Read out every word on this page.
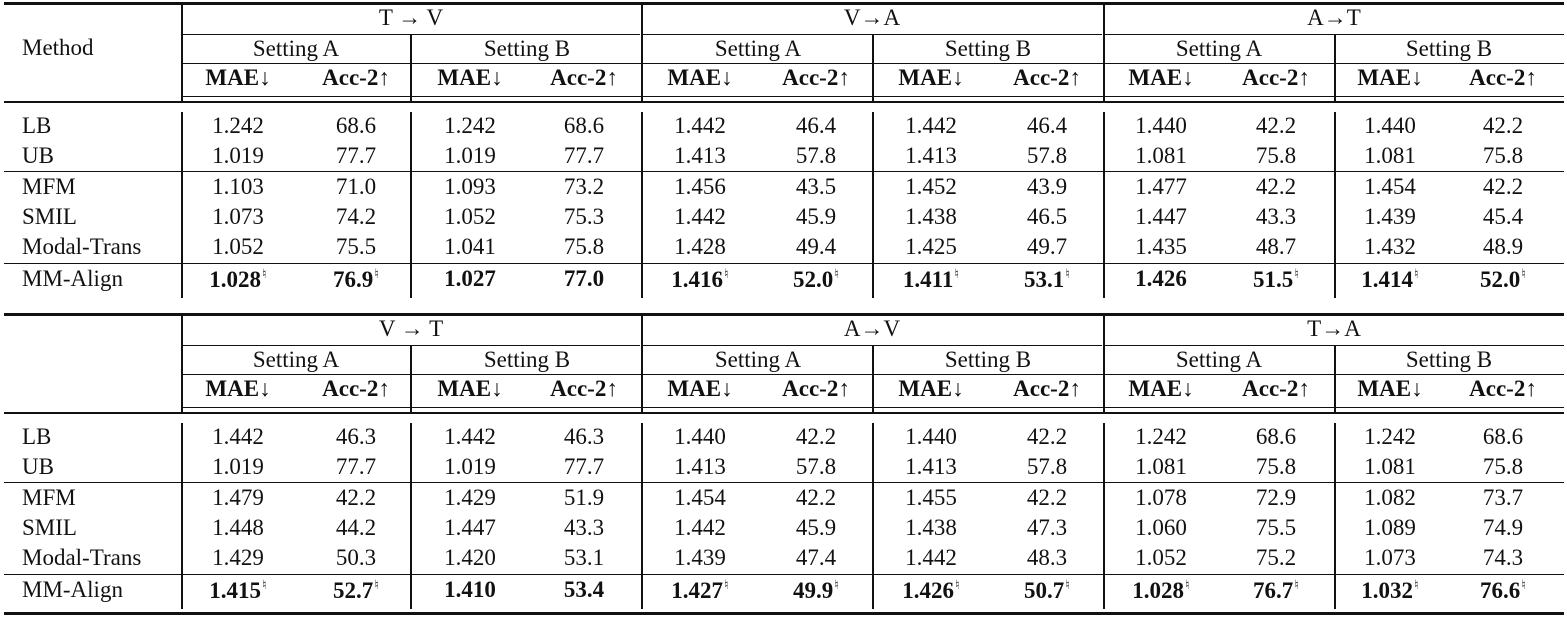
Method
T → V	V→A	A→T
Setting A	Setting B	Setting A	Setting B	Setting A	Setting B
MAE↓ Acc-2↑ MAE↓ Acc-2↑ MAE↓ Acc-2↑ MAE↓ Acc-2↑ MAE↓ Acc-2↑ MAE↓ Acc-2↑
LB	1.242	68.6	1.242	68.6	1.442	46.4	1.442	46.4	1.440	42.2	1.440	42.2
UB	1.019	77.7	1.019	77.7	1.413	57.8	1.413	57.8	1.081	75.8	1.081	75.8
MFM	1.103	71.0	1.093	73.2	1.456	43.5	1.452	43.9	1.477	42.2	1.454	42.2
SMIL	1.073	74.2	1.052	75.3	1.442	45.9	1.438	46.5	1.447	43.3	1.439	45.4
Modal-Trans	1.052	75.5	1.041	75.8	1.428	49.4	1.425	49.7	1.435	48.7	1.432	48.9
MM-Align	1.028♮	76.9♮	1.027	77.0	1.416♮	52.0♮	1.411♮	53.1♮	1.426	51.5♮	1.414♮	52.0♮
V → T	A→V	T→A
Setting A	Setting B	Setting A	Setting B	Setting A	Setting B
MAE↓ Acc-2↑ MAE↓ Acc-2↑ MAE↓ Acc-2↑ MAE↓ Acc-2↑ MAE↓ Acc-2↑ MAE↓ Acc-2↑
LB	1.442	46.3	1.442	46.3	1.440	42.2	1.440	42.2	1.242	68.6	1.242	68.6
UB	1.019	77.7	1.019	77.7	1.413	57.8	1.413	57.8	1.081	75.8	1.081	75.8
MFM	1.479	42.2	1.429	51.9	1.454	42.2	1.455	42.2	1.078	72.9	1.082	73.7
SMIL	1.448	44.2	1.447	43.3	1.442	45.9	1.438	47.3	1.060	75.5	1.089	74.9
Modal-Trans	1.429	50.3	1.420	53.1	1.439	47.4	1.442	48.3	1.052	75.2	1.073	74.3
MM-Align	1.415♮	52.7♮	1.410	53.4	1.427♮	49.9♮	1.426♮	50.7♮	1.028♮	76.7♮	1.032♮	76.6♮
